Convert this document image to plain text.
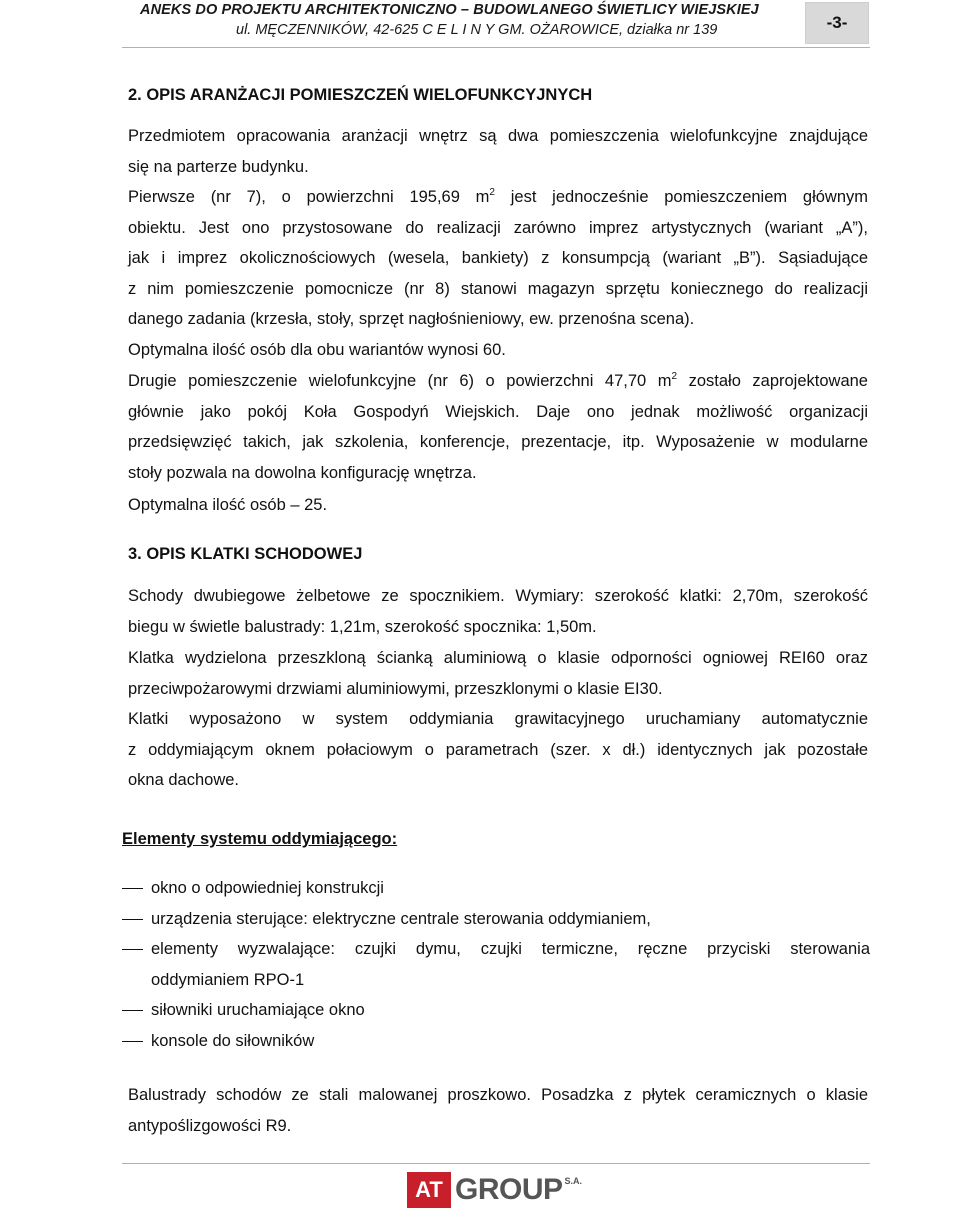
ANEKS DO PROJEKTU ARCHITEKTONICZNO – BUDOWLANEGO ŚWIETLICY WIEJSKIEJ
ul. MĘCZENNIKÓW, 42-625 C E L I N Y GM. OŻAROWICE, działka nr 139	-3-
2. OPIS ARANŻACJI POMIESZCZEŃ WIELOFUNKCYJNYCH
Przedmiotem opracowania aranżacji wnętrz są dwa pomieszczenia wielofunkcyjne znajdujące
się na parterze budynku.
Pierwsze (nr 7), o powierzchni 195,69 $m^2$ jest jednocześnie pomieszczeniem głównym
obiektu. Jest ono przystosowane do realizacji zarówno imprez artystycznych (wariant „A”),
jak i imprez okolicznościowych (wesela, bankiety) z konsumpcją (wariant „B”). Sąsiadujące
z nim pomieszczenie pomocnicze (nr 8) stanowi magazyn sprzętu koniecznego do realizacji
danego zadania (krzesła, stoły, sprzęt nagłośnieniowy, ew. przenośna scena).
Optymalna ilość osób dla obu wariantów wynosi 60.
Drugie pomieszczenie wielofunkcyjne (nr 6) o powierzchni 47,70 $m^2$ zostało zaprojektowane
głównie jako pokój Koła Gospodyń Wiejskich. Daje ono jednak możliwość organizacji
przedsięwzięć takich, jak szkolenia, konferencje, prezentacje, itp. Wyposażenie w modularne
stoły pozwala na dowolna konfigurację wnętrza.
Optymalna ilość osób – 25.
3. OPIS KLATKI SCHODOWEJ
Schody dwubiegowe żelbetowe ze spocznikiem. Wymiary: szerokość klatki: 2,70m, szerokość
biegu w świetle balustrady: 1,21m, szerokość spocznika: 1,50m.
Klatka wydzielona przeszkloną ścianką aluminiową o klasie odporności ogniowej REI60 oraz
przeciwpożarowymi drzwiami aluminiowymi, przeszklonymi o klasie EI30.
Klatki wyposażono w system oddymiania grawitacyjnego uruchamiany automatycznie
z oddymiającym oknem połaciowym o parametrach (szer. x dł.) identycznych jak pozostałe
okna dachowe.
Elementy systemu oddymiającego:
okno o odpowiedniej konstrukcji
urządzenia sterujące: elektryczne centrale sterowania oddymianiem,
elementy wyzwalające: czujki dymu, czujki termiczne, ręczne przyciski sterowania
oddymianiem RPO-1
siłowniki uruchamiające okno
konsole do siłowników
Balustrady schodów ze stali malowanej proszkowo. Posadzka z płytek ceramicznych o klasie
antypoślizgowości R9.
AT GROUP S.A.
